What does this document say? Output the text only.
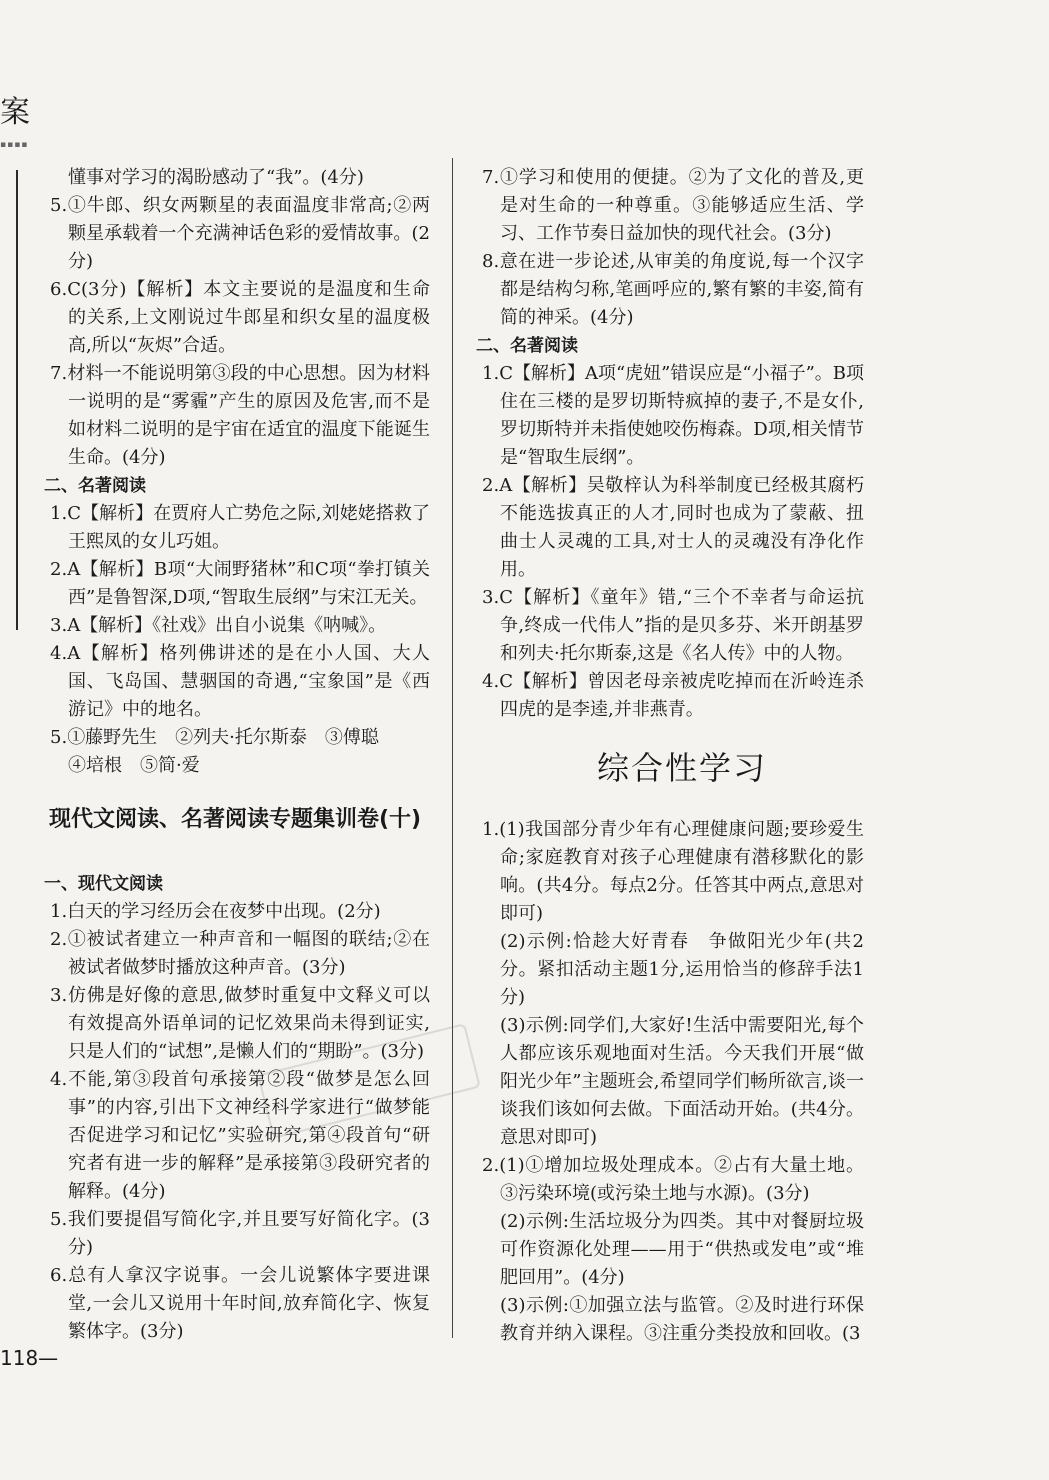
案
▪▪▪▪

懂事对学习的渴盼感动了“我”。(4分)

5.①牛郎、织女两颗星的表面温度非常高;②两颗星承载着一个充满神话色彩的爱情故事。(2分)

6.C(3分)【解析】本文主要说的是温度和生命的关系,上文刚说过牛郎星和织女星的温度极高,所以“灰烬”合适。

7.材料一不能说明第③段的中心思想。因为材料一说明的是“雾霾”产生的原因及危害,而不是如材料二说明的是宇宙在适宜的温度下能诞生生命。(4分)

二、名著阅读

1.C【解析】在贾府人亡势危之际,刘姥姥搭救了王熙凤的女儿巧姐。

2.A【解析】B项“大闹野猪林”和C项“拳打镇关西”是鲁智深,D项,“智取生辰纲”与宋江无关。

3.A【解析】《社戏》出自小说集《呐喊》。

4.A【解析】格列佛讲述的是在小人国、大人国、飞岛国、慧骃国的奇遇,“宝象国”是《西游记》中的地名。

5.①藤野先生　②列夫·托尔斯泰　③傅聪

④培根　⑤简·爱
现代文阅读、名著阅读专题集训卷(十)
一、现代文阅读

1.白天的学习经历会在夜梦中出现。(2分)

2.①被试者建立一种声音和一幅图的联结;②在被试者做梦时播放这种声音。(3分)

3.仿佛是好像的意思,做梦时重复中文释义可以有效提高外语单词的记忆效果尚未得到证实,只是人们的“试想”,是懒人们的“期盼”。(3分)

4.不能,第③段首句承接第②段“做梦是怎么回事”的内容,引出下文神经科学家进行“做梦能否促进学习和记忆”实验研究,第④段首句“研究者有进一步的解释”是承接第③段研究者的解释。(4分)

5.我们要提倡写简化字,并且要写好简化字。(3分)

6.总有人拿汉字说事。一会儿说繁体字要进课堂,一会儿又说用十年时间,放弃简化字、恢复繁体字。(3分)

7.①学习和使用的便捷。②为了文化的普及,更是对生命的一种尊重。③能够适应生活、学习、工作节奏日益加快的现代社会。(3分)

8.意在进一步论述,从审美的角度说,每一个汉字都是结构匀称,笔画呼应的,繁有繁的丰姿,简有简的神采。(4分)

二、名著阅读

1.C【解析】A项“虎妞”错误应是“小福子”。B项住在三楼的是罗切斯特疯掉的妻子,不是女仆,罗切斯特并未指使她咬伤梅森。D项,相关情节是“智取生辰纲”。

2.A【解析】吴敬梓认为科举制度已经极其腐朽不能选拔真正的人才,同时也成为了蒙蔽、扭曲士人灵魂的工具,对士人的灵魂没有净化作用。

3.C【解析】《童年》错,“三个不幸者与命运抗争,终成一代伟人”指的是贝多芬、米开朗基罗和列夫·托尔斯泰,这是《名人传》中的人物。

4.C【解析】曾因老母亲被虎吃掉而在沂岭连杀四虎的是李逵,并非燕青。

综合性学习

1.(1)我国部分青少年有心理健康问题;要珍爱生命;家庭教育对孩子心理健康有潜移默化的影响。(共4分。每点2分。任答其中两点,意思对即可)

(2)示例:恰趁大好青春　争做阳光少年(共2分。紧扣活动主题1分,运用恰当的修辞手法1分)
(3)示例:同学们,大家好!生活中需要阳光,每个人都应该乐观地面对生活。今天我们开展“做阳光少年”主题班会,希望同学们畅所欲言,谈一谈我们该如何去做。下面活动开始。(共4分。意思对即可)

2.(1)①增加垃圾处理成本。②占有大量土地。③污染环境(或污染土地与水源)。(3分)

(2)示例:生活垃圾分为四类。其中对餐厨垃圾可作资源化处理——用于“供热或发电”或“堆肥回用”。(4分)
(3)示例:①加强立法与监管。②及时进行环保教育并纳入课程。③注重分类投放和回收。(3
118—
